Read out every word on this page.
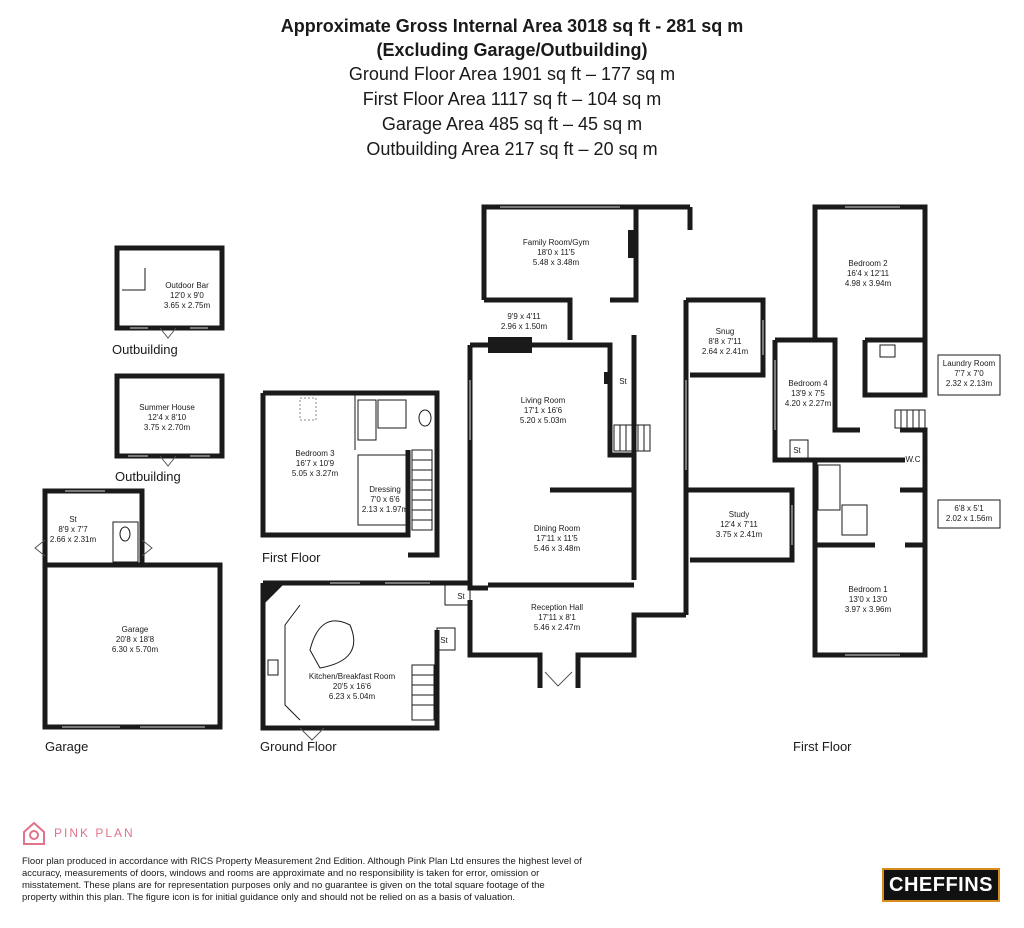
Approximate Gross Internal Area 3018 sq ft - 281 sq m
(Excluding Garage/Outbuilding)
Ground Floor Area 1901 sq ft – 177 sq m
First Floor Area 1117 sq ft – 104 sq m
Garage Area 485 sq ft – 45 sq m
Outbuilding Area 217 sq ft – 20 sq m
Outdoor Bar
12'0 x 9'0
3.65 x 2.75m
Outbuilding
Summer House
12'4 x 8'10
3.75 x 2.70m
Outbuilding
St
8'9 x 7'7
2.66 x 2.31m
Garage
20'8 x 18'8
6.30 x 5.70m
Garage
Bedroom 3
16'7 x 10'9
5.05 x 3.27m
Dressing
7'0 x 6'6
2.13 x 1.97m
First Floor
Family Room/Gym
18'0 x 11'5
5.48 x 3.48m
9'9 x 4'11
2.96 x 1.50m
Living Room
17'1 x 16'6
5.20 x 5.03m
St
Dining Room
17'11 x 11'5
5.46 x 3.48m
Reception Hall
17'11 x 8'1
5.46 x 2.47m
Kitchen/Breakfast Room
20'5 x 16'6
6.23 x 5.04m
St
St
Snug
8'8 x 7'11
2.64 x 2.41m
Study
12'4 x 7'11
3.75 x 2.41m
Ground Floor
Bedroom 2
16'4 x 12'11
4.98 x 3.94m
Bedroom 4
13'9 x 7'5
4.20 x 2.27m
St
Laundry Room
7'7 x 7'0
2.32 x 2.13m
W.C
6'8 x 5'1
2.02 x 1.56m
Bedroom 1
13'0 x 13'0
3.97 x 3.96m
First Floor
PINK PLAN
Floor plan produced in accordance with RICS Property Measurement 2nd Edition. Although Pink Plan Ltd ensures the highest level of accuracy, measurements of doors, windows and rooms are approximate and no responsibility is taken for error, omission or misstatement. These plans are for representation purposes only and no guarantee is given on the total square footage of the property within this plan. The figure icon is for initial guidance only and should not be relied on as a basis of valuation.
CHEFFINS
